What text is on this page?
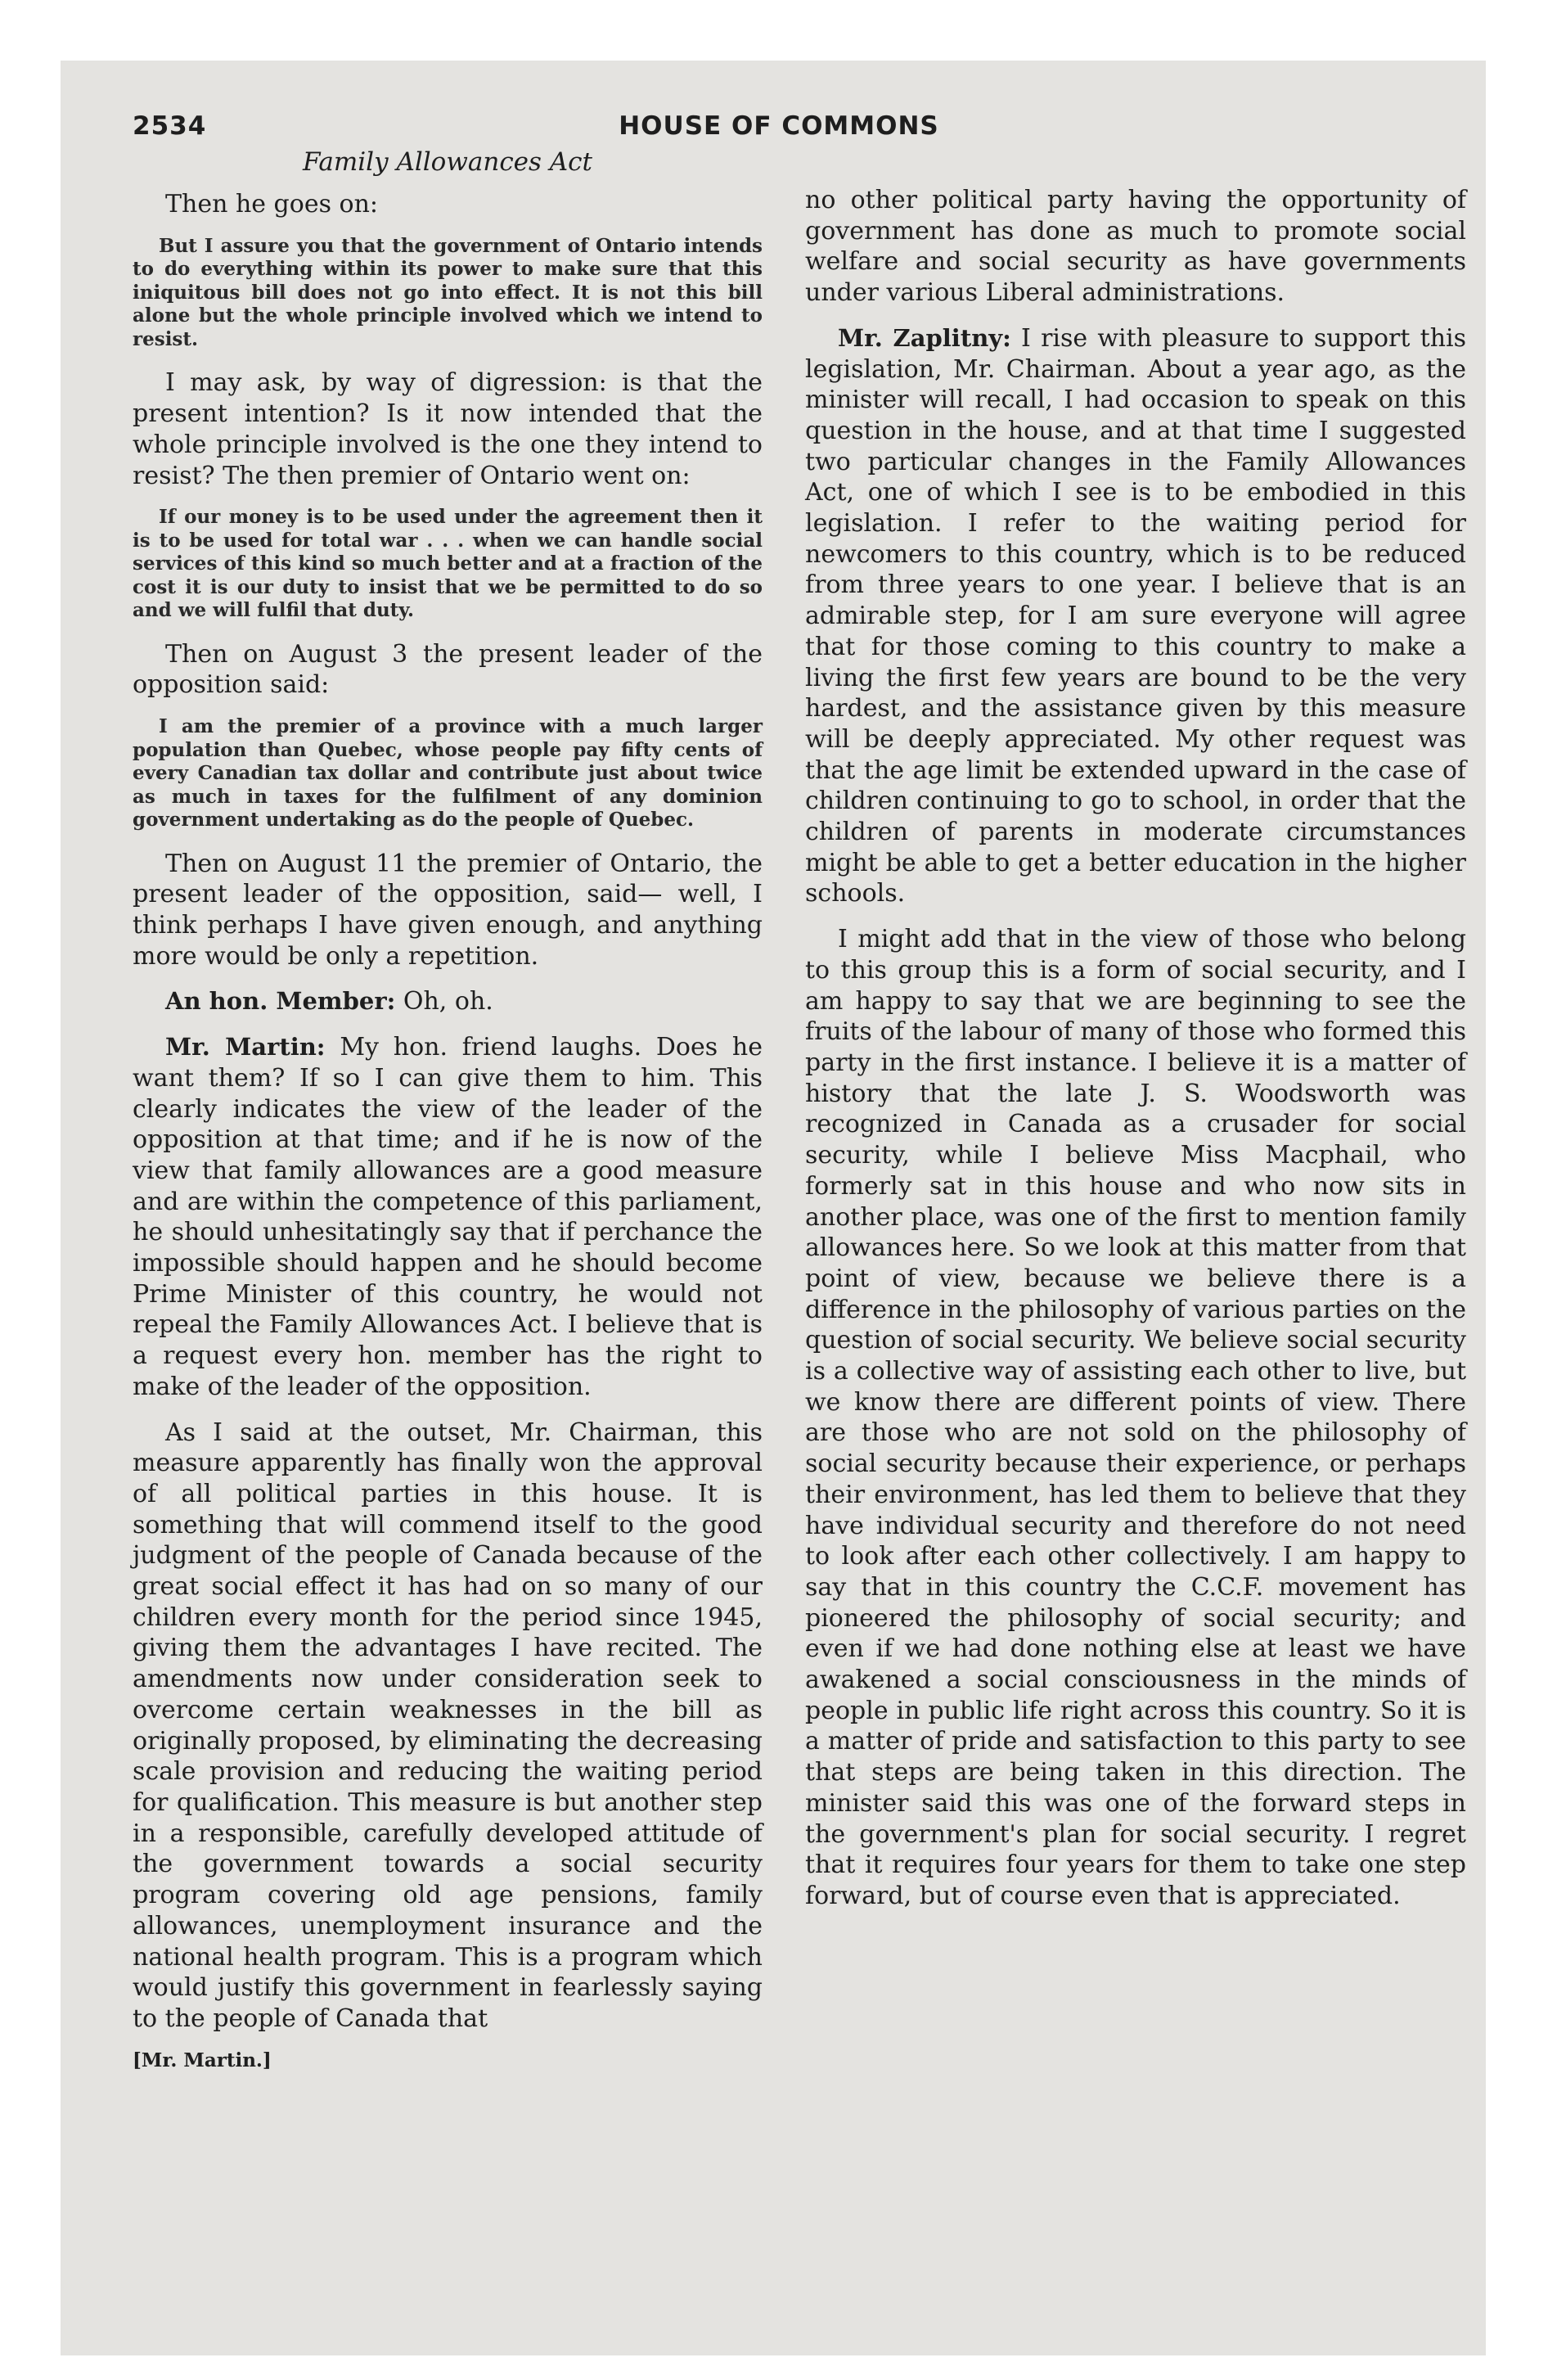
2534	HOUSE OF COMMONS
Family Allowances Act

Then he goes on:

But I assure you that the government of Ontario intends to do everything within its power to make sure that this iniquitous bill does not go into effect. It is not this bill alone but the whole principle involved which we intend to resist.

I may ask, by way of digression: is that the present intention? Is it now intended that the whole principle involved is the one they intend to resist? The then premier of Ontario went on:

If our money is to be used under the agreement then it is to be used for total war . . . when we can handle social services of this kind so much better and at a fraction of the cost it is our duty to insist that we be permitted to do so and we will fulfil that duty.

Then on August 3 the present leader of the opposition said:

I am the premier of a province with a much larger population than Quebec, whose people pay fifty cents of every Canadian tax dollar and contribute just about twice as much in taxes for the fulfilment of any dominion government undertaking as do the people of Quebec.

Then on August 11 the premier of Ontario, the present leader of the opposition, said— well, I think perhaps I have given enough, and anything more would be only a repetition.

An hon. Member: Oh, oh.

Mr. Martin: My hon. friend laughs. Does he want them? If so I can give them to him. This clearly indicates the view of the leader of the opposition at that time; and if he is now of the view that family allowances are a good measure and are within the competence of this parliament, he should unhesitatingly say that if perchance the impossible should happen and he should become Prime Minister of this country, he would not repeal the Family Allowances Act. I believe that is a request every hon. member has the right to make of the leader of the opposition.

As I said at the outset, Mr. Chairman, this measure apparently has finally won the approval of all political parties in this house. It is something that will commend itself to the good judgment of the people of Canada because of the great social effect it has had on so many of our children every month for the period since 1945, giving them the advantages I have recited. The amendments now under consideration seek to overcome certain weaknesses in the bill as originally proposed, by eliminating the decreasing scale provision and reducing the waiting period for qualification. This measure is but another step in a responsible, carefully developed attitude of the government towards a social security program covering old age pensions, family allowances, unemployment insurance and the national health program. This is a program which would justify this government in fearlessly saying to the people of Canada that

[Mr. Martin.]

no other political party having the opportunity of government has done as much to promote social welfare and social security as have governments under various Liberal administrations.

Mr. Zaplitny: I rise with pleasure to support this legislation, Mr. Chairman. About a year ago, as the minister will recall, I had occasion to speak on this question in the house, and at that time I suggested two particular changes in the Family Allowances Act, one of which I see is to be embodied in this legislation. I refer to the waiting period for newcomers to this country, which is to be reduced from three years to one year. I believe that is an admirable step, for I am sure everyone will agree that for those coming to this country to make a living the first few years are bound to be the very hardest, and the assistance given by this measure will be deeply appreciated. My other request was that the age limit be extended upward in the case of children continuing to go to school, in order that the children of parents in moderate circumstances might be able to get a better education in the higher schools.

I might add that in the view of those who belong to this group this is a form of social security, and I am happy to say that we are beginning to see the fruits of the labour of many of those who formed this party in the first instance. I believe it is a matter of history that the late J. S. Woodsworth was recognized in Canada as a crusader for social security, while I believe Miss Macphail, who formerly sat in this house and who now sits in another place, was one of the first to mention family allowances here. So we look at this matter from that point of view, because we believe there is a difference in the philosophy of various parties on the question of social security. We believe social security is a collective way of assisting each other to live, but we know there are different points of view. There are those who are not sold on the philosophy of social security because their experience, or perhaps their environment, has led them to believe that they have individual security and therefore do not need to look after each other collectively. I am happy to say that in this country the C.C.F. movement has pioneered the philosophy of social security; and even if we had done nothing else at least we have awakened a social consciousness in the minds of people in public life right across this country. So it is a matter of pride and satisfaction to this party to see that steps are being taken in this direction. The minister said this was one of the forward steps in the government's plan for social security. I regret that it requires four years for them to take one step forward, but of course even that is appreciated.
